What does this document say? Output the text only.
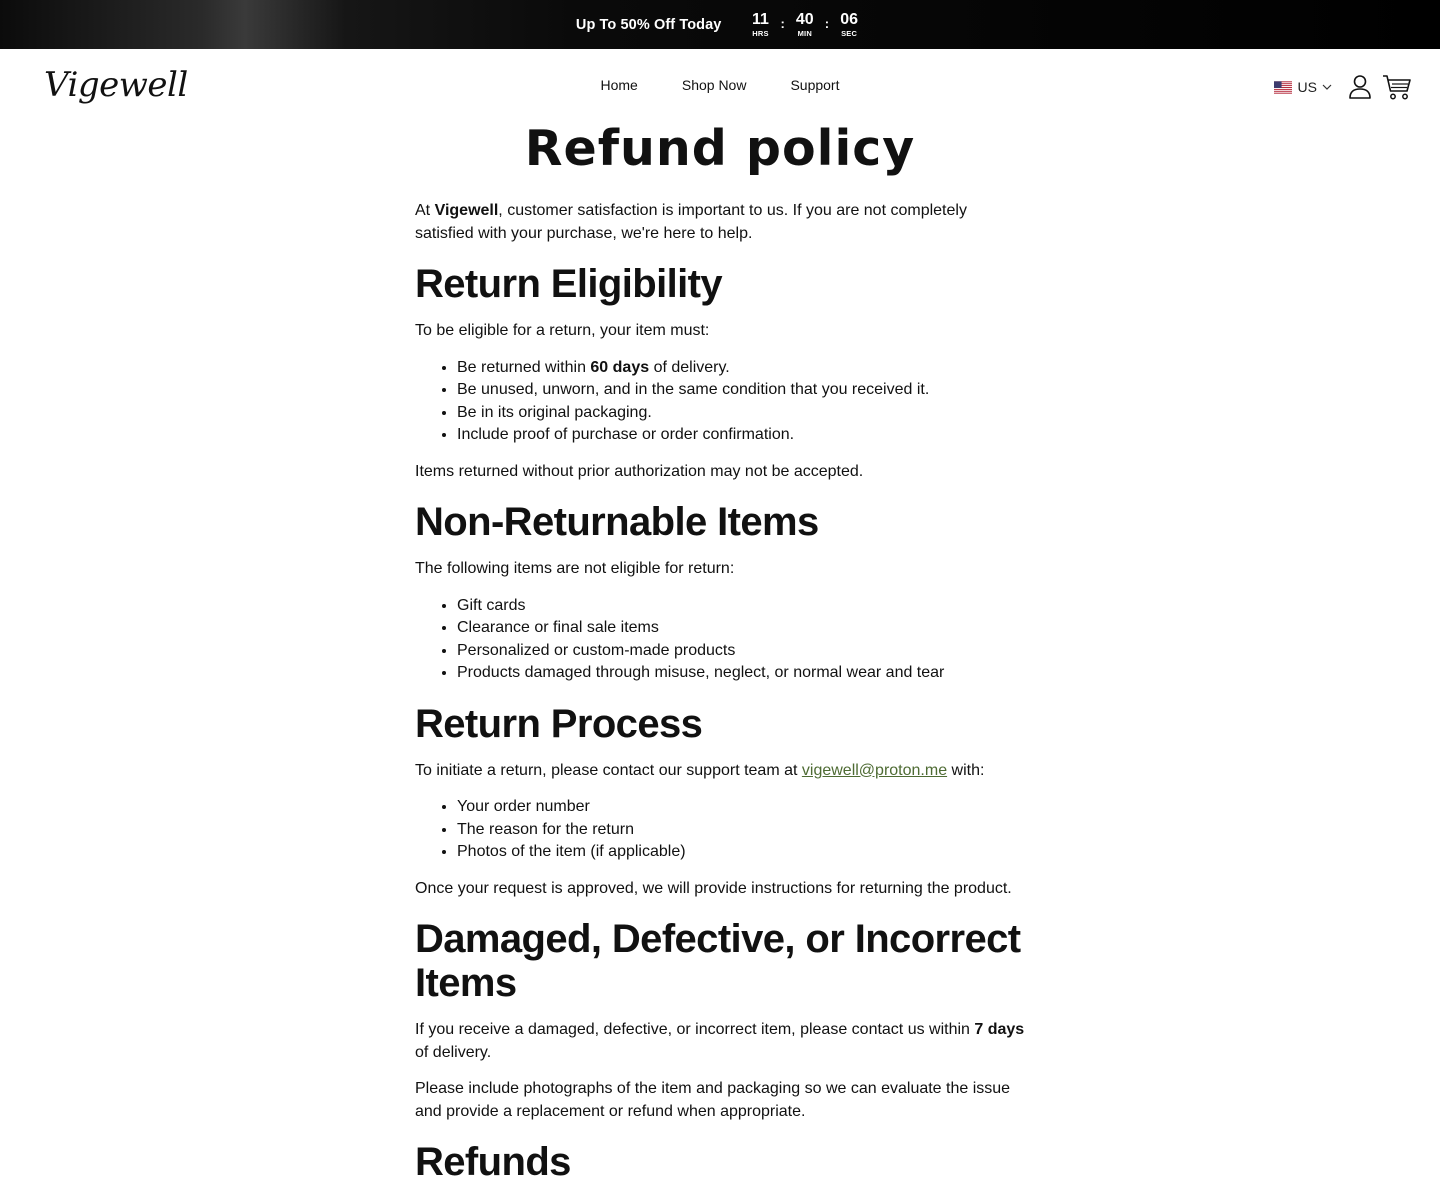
Up To 50% Off Today 11
HRS
: 40
MIN
: 06
SEC
Vigewell	Home	Shop Now	Support	US
Refund policy

At Vigewell, customer satisfaction is important to us. If you are not completely satisfied with your purchase, we're here to help.

Return Eligibility

To be eligible for a return, your item must:

• Be returned within 60 days of delivery.
• Be unused, unworn, and in the same condition that you received it.
• Be in its original packaging.
• Include proof of purchase or order confirmation.

Items returned without prior authorization may not be accepted.

Non-Returnable Items

The following items are not eligible for return:

• Gift cards
• Clearance or final sale items
• Personalized or custom-made products
• Products damaged through misuse, neglect, or normal wear and tear
Return Process

To initiate a return, please contact our support team at vigewell@proton.me with:

• Your order number
• The reason for the return
• Photos of the item (if applicable)

Once your request is approved, we will provide instructions for returning the product.

Damaged, Defective, or Incorrect Items

If you receive a damaged, defective, or incorrect item, please contact us within 7 days of delivery.

Please include photographs of the item and packaging so we can evaluate the issue and provide a replacement or refund when appropriate.

Refunds
